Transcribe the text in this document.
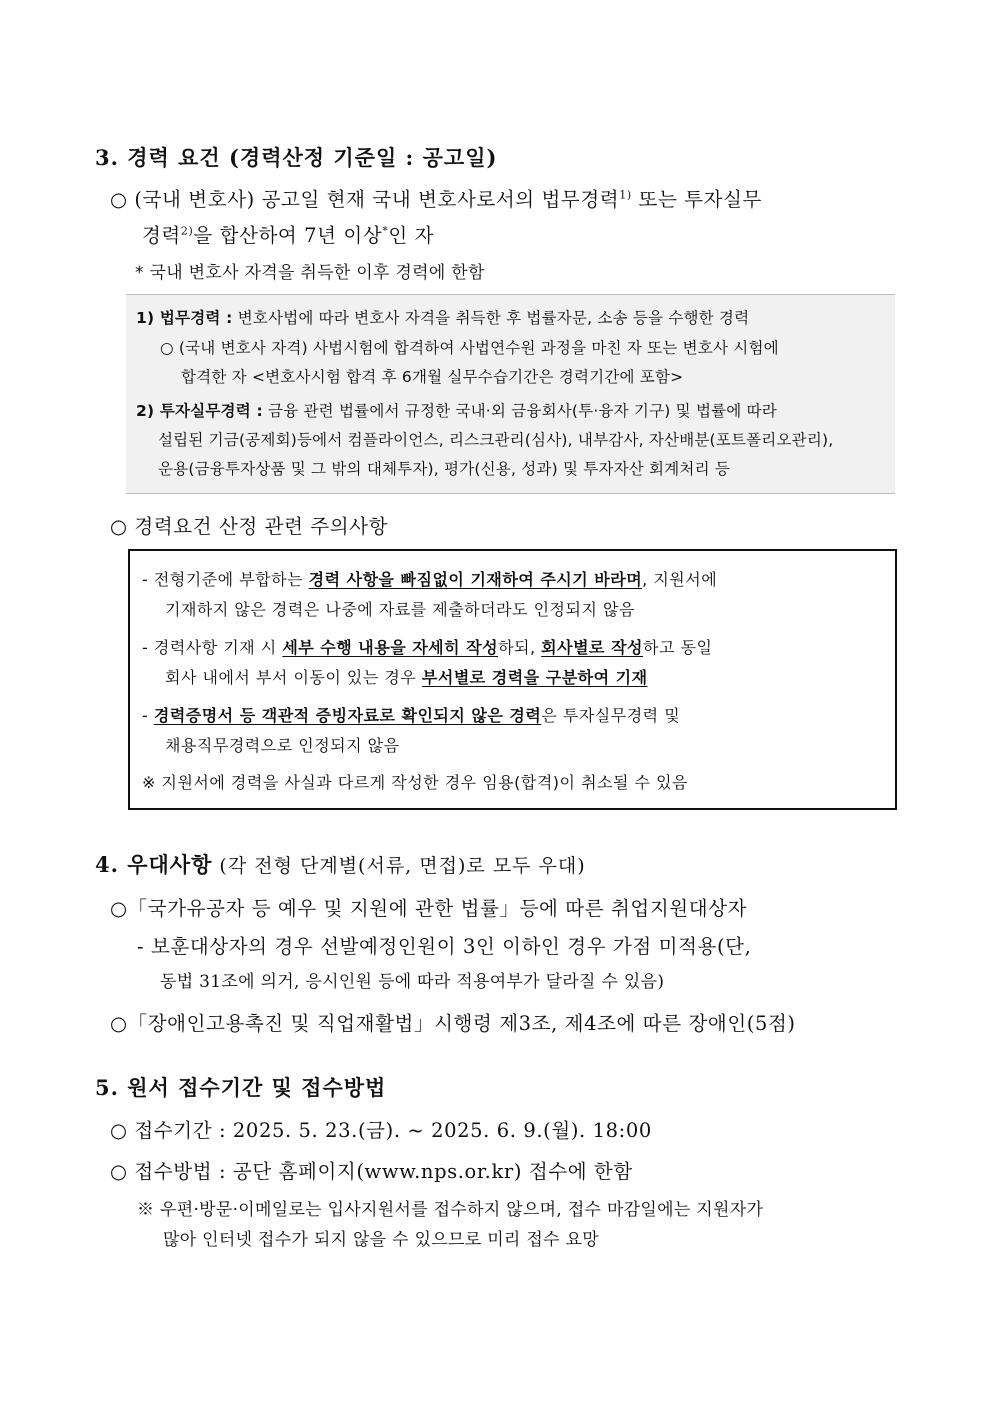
3. 경력 요건 (경력산정 기준일 : 공고일)
○ (국내 변호사) 공고일 현재 국내 변호사로서의 법무경력$^{1)}$ 또는 투자실무
경력$^{2)}$을 합산하여 7년 이상*인 자
* 국내 변호사 자격을 취득한 이후 경력에 한함
1) 법무경력 : 변호사법에 따라 변호사 자격을 취득한 후 법률자문, 소송 등을 수행한 경력
○ (국내 변호사 자격) 사법시험에 합격하여 사법연수원 과정을 마친 자 또는 변호사 시험에
합격한 자 <변호사시험 합격 후 6개월 실무수습기간은 경력기간에 포함>
2) 투자실무경력 : 금융 관련 법률에서 규정한 국내·외 금융회사(투·융자 기구) 및 법률에 따라
설립된 기금(공제회)등에서 컴플라이언스, 리스크관리(심사), 내부감사, 자산배분(포트폴리오관리),
운용(금융투자상품 및 그 밖의 대체투자), 평가(신용, 성과) 및 투자자산 회계처리 등
○ 경력요건 산정 관련 주의사항
- 전형기준에 부합하는 경력 사항을 빠짐없이 기재하여 주시기 바라며, 지원서에
기재하지 않은 경력은 나중에 자료를 제출하더라도 인정되지 않음
- 경력사항 기재 시 세부 수행 내용을 자세히 작성하되, 회사별로 작성하고 동일
회사 내에서 부서 이동이 있는 경우 부서별로 경력을 구분하여 기재
- 경력증명서 등 객관적 증빙자료로 확인되지 않은 경력은 투자실무경력 및
채용직무경력으로 인정되지 않음
※ 지원서에 경력을 사실과 다르게 작성한 경우 임용(합격)이 취소될 수 있음
4. 우대사항 (각 전형 단계별(서류, 면접)로 모두 우대)
○「국가유공자 등 예우 및 지원에 관한 법률」등에 따른 취업지원대상자
- 보훈대상자의 경우 선발예정인원이 3인 이하인 경우 가점 미적용(단,
동법 31조에 의거, 응시인원 등에 따라 적용여부가 달라질 수 있음)
○「장애인고용촉진 및 직업재활법」시행령 제3조, 제4조에 따른 장애인(5점)
5. 원서 접수기간 및 접수방법
○ 접수기간 : 2025. 5. 23.(금). ~ 2025. 6. 9.(월). 18:00
○ 접수방법 : 공단 홈페이지(www.nps.or.kr) 접수에 한함
※ 우편·방문·이메일로는 입사지원서를 접수하지 않으며, 접수 마감일에는 지원자가
많아 인터넷 접수가 되지 않을 수 있으므로 미리 접수 요망
